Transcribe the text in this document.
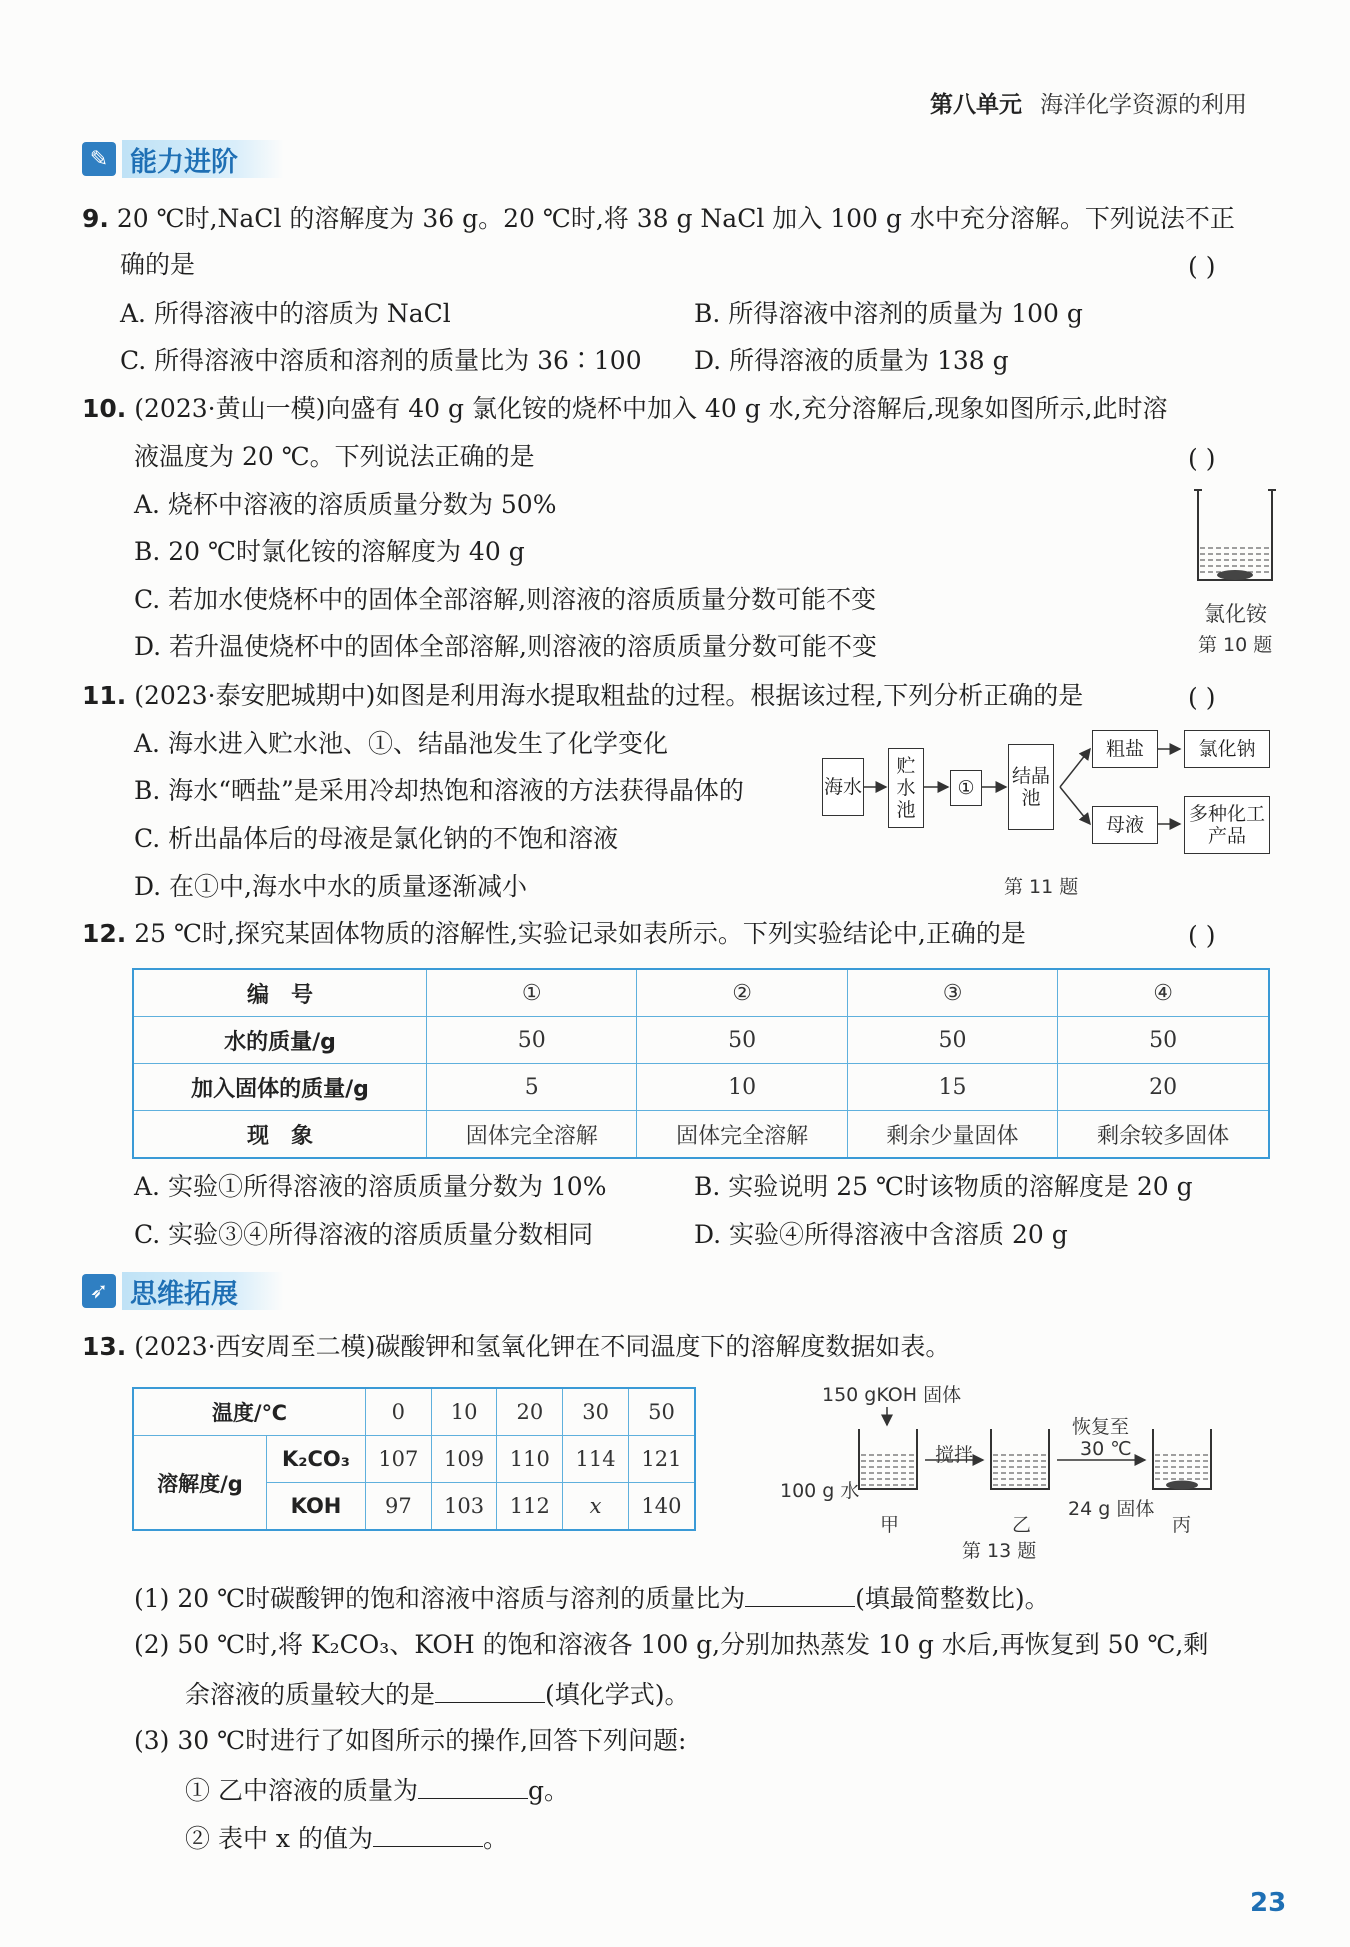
第八单元 海洋化学资源的利用
✎ 能力进阶
9. 20 ℃时,NaCl 的溶解度为 36 g。20 ℃时,将 38 g NaCl 加入 100 g 水中充分溶解。下列说法不正
确的是	( )
A. 所得溶液中的溶质为 NaCl	B. 所得溶液中溶剂的质量为 100 g
C. 所得溶液中溶质和溶剂的质量比为 36∶100 D. 所得溶液的质量为 138 g
10. (2023·黄山一模)向盛有 40 g 氯化铵的烧杯中加入 40 g 水,充分溶解后,现象如图所示,此时溶
液温度为 20 ℃。下列说法正确的是	( )
A. 烧杯中溶液的溶质质量分数为 50%
B. 20 ℃时氯化铵的溶解度为 40 g
C. 若加水使烧杯中的固体全部溶解,则溶液的溶质质量分数可能不变
D. 若升温使烧杯中的固体全部溶解,则溶液的溶质质量分数可能不变
氯化铵
第 10 题
11. (2023·泰安肥城期中)如图是利用海水提取粗盐的过程。根据该过程,下列分析正确的是	( )
A. 海水进入贮水池、①、结晶池发生了化学变化
B. 海水“晒盐”是采用冷却热饱和溶液的方法获得晶体的
C. 析出晶体后的母液是氯化钠的不饱和溶液
D. 在①中,海水中水的质量逐渐减小
海水
贮水池
①
结晶池
粗盐	氯化钠
母液	多种化工产品
第 11 题
12. 25 ℃时,探究某固体物质的溶解性,实验记录如表所示。下列实验结论中,正确的是	( )
编　号	①	②	③	④
水的质量/g	50	50	50	50
加入固体的质量/g	5	10	15	20
现　象	固体完全溶解	固体完全溶解	剩余少量固体	剩余较多固体
A. 实验①所得溶液的溶质质量分数为 10%	B. 实验说明 25 ℃时该物质的溶解度是 20 g
C. 实验③④所得溶液的溶质质量分数相同	D. 实验④所得溶液中含溶质 20 g
➶ 思维拓展
13. (2023·西安周至二模)碳酸钾和氢氧化钾在不同温度下的溶解度数据如表。
温度/℃		0	10	20	30	50
溶解度/g	K₂CO₃	107	109	110	114	121
	KOH	97	103	112	x	140
150 gKOH 固体
100 g 水
搅拌
恢复至
30 ℃
24 g 固体
甲	乙	丙
第 13 题
(1) 20 ℃时碳酸钾的饱和溶液中溶质与溶剂的质量比为	(填最简整数比)。
(2) 50 ℃时,将 K₂CO₃、KOH 的饱和溶液各 100 g,分别加热蒸发 10 g 水后,再恢复到 50 ℃,剩
余溶液的质量较大的是	(填化学式)。
(3) 30 ℃时进行了如图所示的操作,回答下列问题:
① 乙中溶液的质量为	g。
② 表中 x 的值为	。
23
